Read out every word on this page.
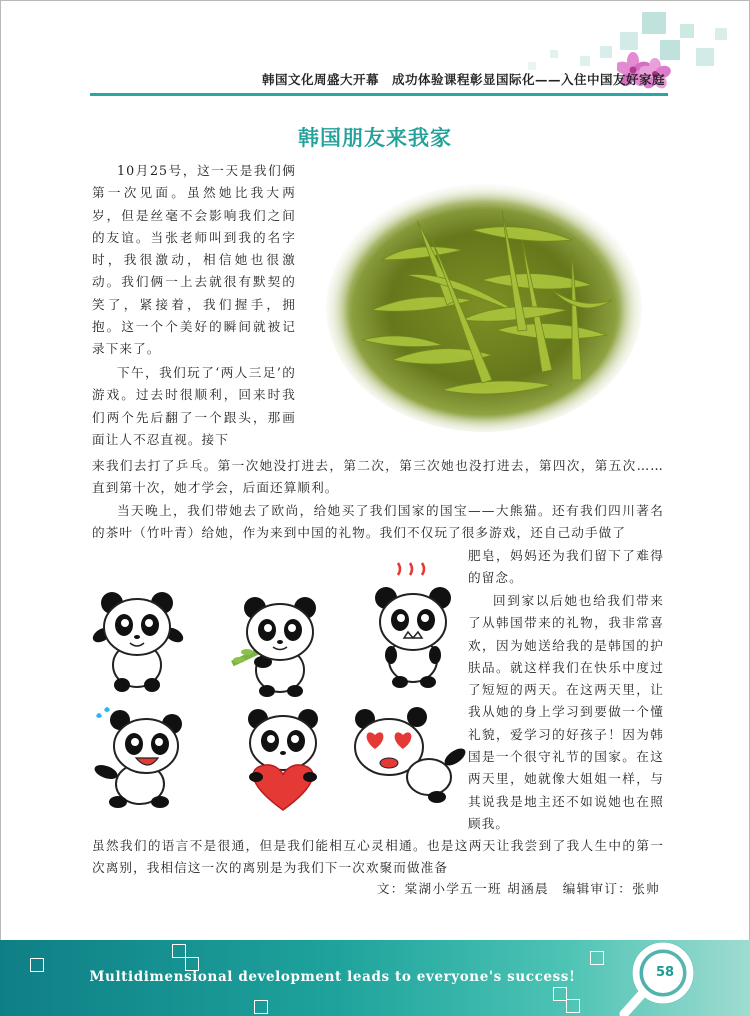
韩国文化周盛大开幕　成功体验课程彰显国际化——入住中国友好家庭
韩国朋友来我家

10月25号，这一天是我们俩第一次见面。虽然她比我大两岁，但是丝毫不会影响我们之间的友谊。当张老师叫到我的名字时，我很激动，相信她也很激动。我们俩一上去就很有默契的笑了，紧接着，我们握手，拥抱。这一个个美好的瞬间就被记录下来了。

下午，我们玩了‘两人三足’的游戏。过去时很顺利，回来时我们两个先后翻了一个跟头，那画面让人不忍直视。接下

来我们去打了乒乓。第一次她没打进去，第二次，第三次她也没打进去，第四次，第五次……直到第十次，她才学会，后面还算顺利。

当天晚上，我们带她去了欧尚，给她买了我们国家的国宝——大熊猫。还有我们四川著名的茶叶（竹叶青）给她，作为来到中国的礼物。我们不仅玩了很多游戏，还自己动手做了

肥皂，妈妈还为我们留下了难得的留念。

回到家以后她也给我们带来了从韩国带来的礼物，我非常喜欢，因为她送给我的是韩国的护肤品。就这样我们在快乐中度过了短短的两天。在这两天里，让我从她的身上学习到要做一个懂礼貌，爱学习的好孩子！因为韩国是一个很守礼节的国家。在这两天里，她就像大姐姐一样，与其说我是地主还不如说她也在照顾我。

虽然我们的语言不是很通，但是我们能相互心灵相通。也是这两天让我尝到了我人生中的第一次离别，我相信这一次的离别是为我们下一次欢聚而做准备

文：棠湖小学五一班 胡涵晨　编辑审订：张帅
Multidimensional development leads to everyone's success!	58
